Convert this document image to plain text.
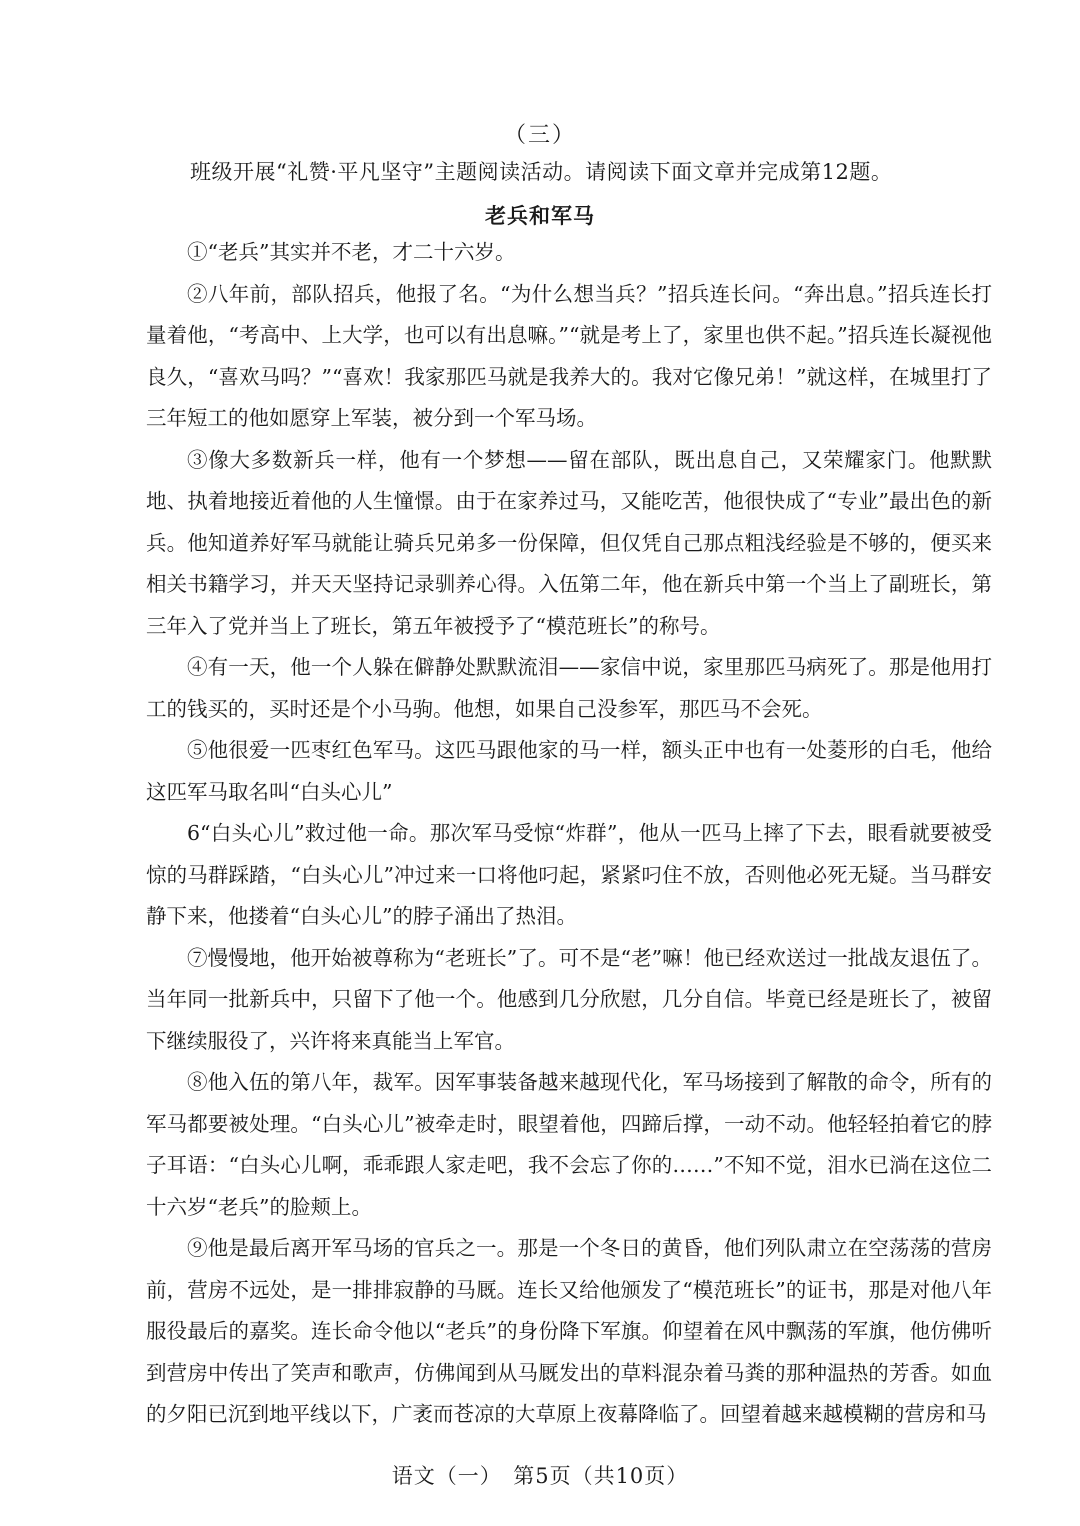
（三）
班级开展“礼赞·平凡坚守”主题阅读活动。请阅读下面文章并完成第12题。
老兵和军马

①“老兵”其实并不老，才二十六岁。

②八年前，部队招兵，他报了名。“为什么想当兵？”招兵连长问。“奔出息。”招兵连长打量着他，“考高中、上大学，也可以有出息嘛。”“就是考上了，家里也供不起。”招兵连长凝视他良久，“喜欢马吗？”“喜欢！我家那匹马就是我养大的。我对它像兄弟！”就这样，在城里打了三年短工的他如愿穿上军装，被分到一个军马场。

③像大多数新兵一样，他有一个梦想——留在部队，既出息自己，又荣耀家门。他默默地、执着地接近着他的人生憧憬。由于在家养过马，又能吃苦，他很快成了“专业”最出色的新兵。他知道养好军马就能让骑兵兄弟多一份保障，但仅凭自己那点粗浅经验是不够的，便买来相关书籍学习，并天天坚持记录驯养心得。入伍第二年，他在新兵中第一个当上了副班长，第三年入了党并当上了班长，第五年被授予了“模范班长”的称号。

④有一天，他一个人躲在僻静处默默流泪——家信中说，家里那匹马病死了。那是他用打工的钱买的，买时还是个小马驹。他想，如果自己没参军，那匹马不会死。

⑤他很爱一匹枣红色军马。这匹马跟他家的马一样，额头正中也有一处菱形的白毛，他给这匹军马取名叫“白头心儿”

6“白头心儿”救过他一命。那次军马受惊“炸群”，他从一匹马上摔了下去，眼看就要被受惊的马群踩踏，“白头心儿”冲过来一口将他叼起，紧紧叼住不放，否则他必死无疑。当马群安静下来，他搂着“白头心儿”的脖子涌出了热泪。

⑦慢慢地，他开始被尊称为“老班长”了。可不是“老”嘛！他已经欢送过一批战友退伍了。当年同一批新兵中，只留下了他一个。他感到几分欣慰，几分自信。毕竟已经是班长了，被留下继续服役了，兴许将来真能当上军官。

⑧他入伍的第八年，裁军。因军事装备越来越现代化，军马场接到了解散的命令，所有的军马都要被处理。“白头心儿”被牵走时，眼望着他，四蹄后撑，一动不动。他轻轻拍着它的脖子耳语：“白头心儿啊，乖乖跟人家走吧，我不会忘了你的……”不知不觉，泪水已淌在这位二十六岁“老兵”的脸颊上。

⑨他是最后离开军马场的官兵之一。那是一个冬日的黄昏，他们列队肃立在空荡荡的营房前，营房不远处，是一排排寂静的马厩。连长又给他颁发了“模范班长”的证书，那是对他八年服役最后的嘉奖。连长命令他以“老兵”的身份降下军旗。仰望着在风中飘荡的军旗，他仿佛听到营房中传出了笑声和歌声，仿佛闻到从马厩发出的草料混杂着马粪的那种温热的芳香。如血的夕阳已沉到地平线以下，广袤而苍凉的大草原上夜幕降临了。回望着越来越模糊的营房和马

语文（一）　第5页（共10页）
